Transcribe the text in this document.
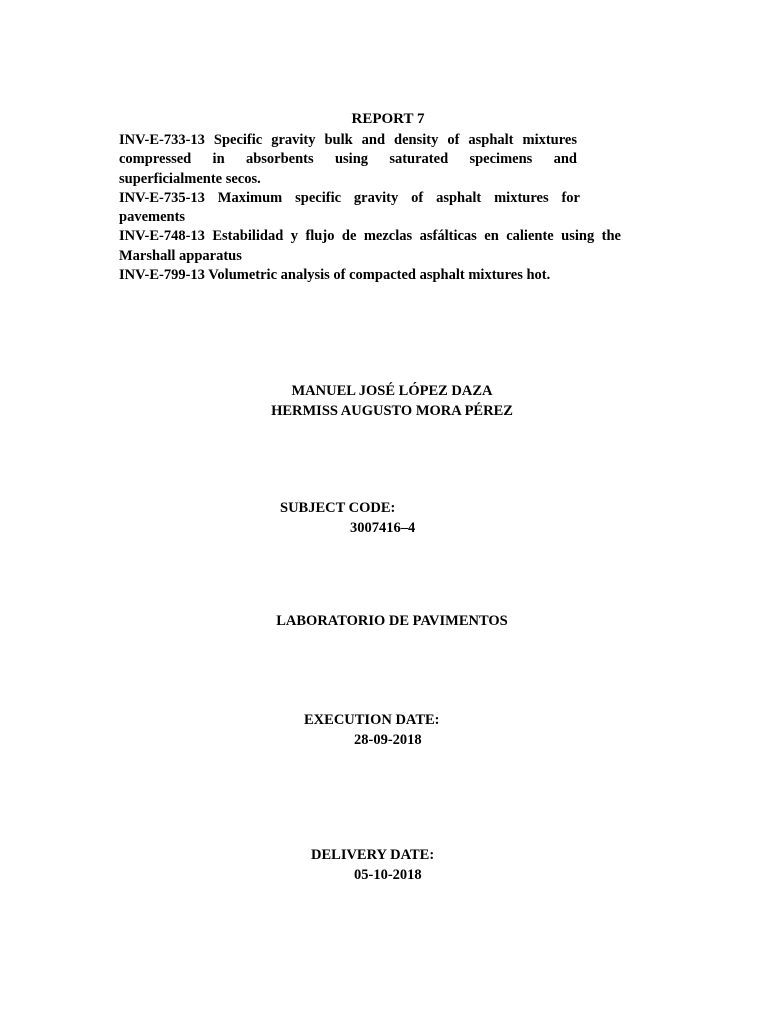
REPORT 7
INV-E-733-13 Specific gravity bulk and density of asphalt mixtures compressed in absorbents using saturated specimens and superficialmente secos.
INV-E-735-13 Maximum specific gravity of asphalt mixtures for pavements
INV-E-748-13 Estabilidad y flujo de mezclas asfálticas en caliente using the Marshall apparatus
INV-E-799-13 Volumetric analysis of compacted asphalt mixtures hot.
MANUEL JOSÉ LÓPEZ DAZA
HERMISS AUGUSTO MORA PÉREZ
SUBJECT CODE:
3007416–4
LABORATORIO DE PAVIMENTOS
EXECUTION DATE:
28-09-2018
DELIVERY DATE:
05-10-2018
